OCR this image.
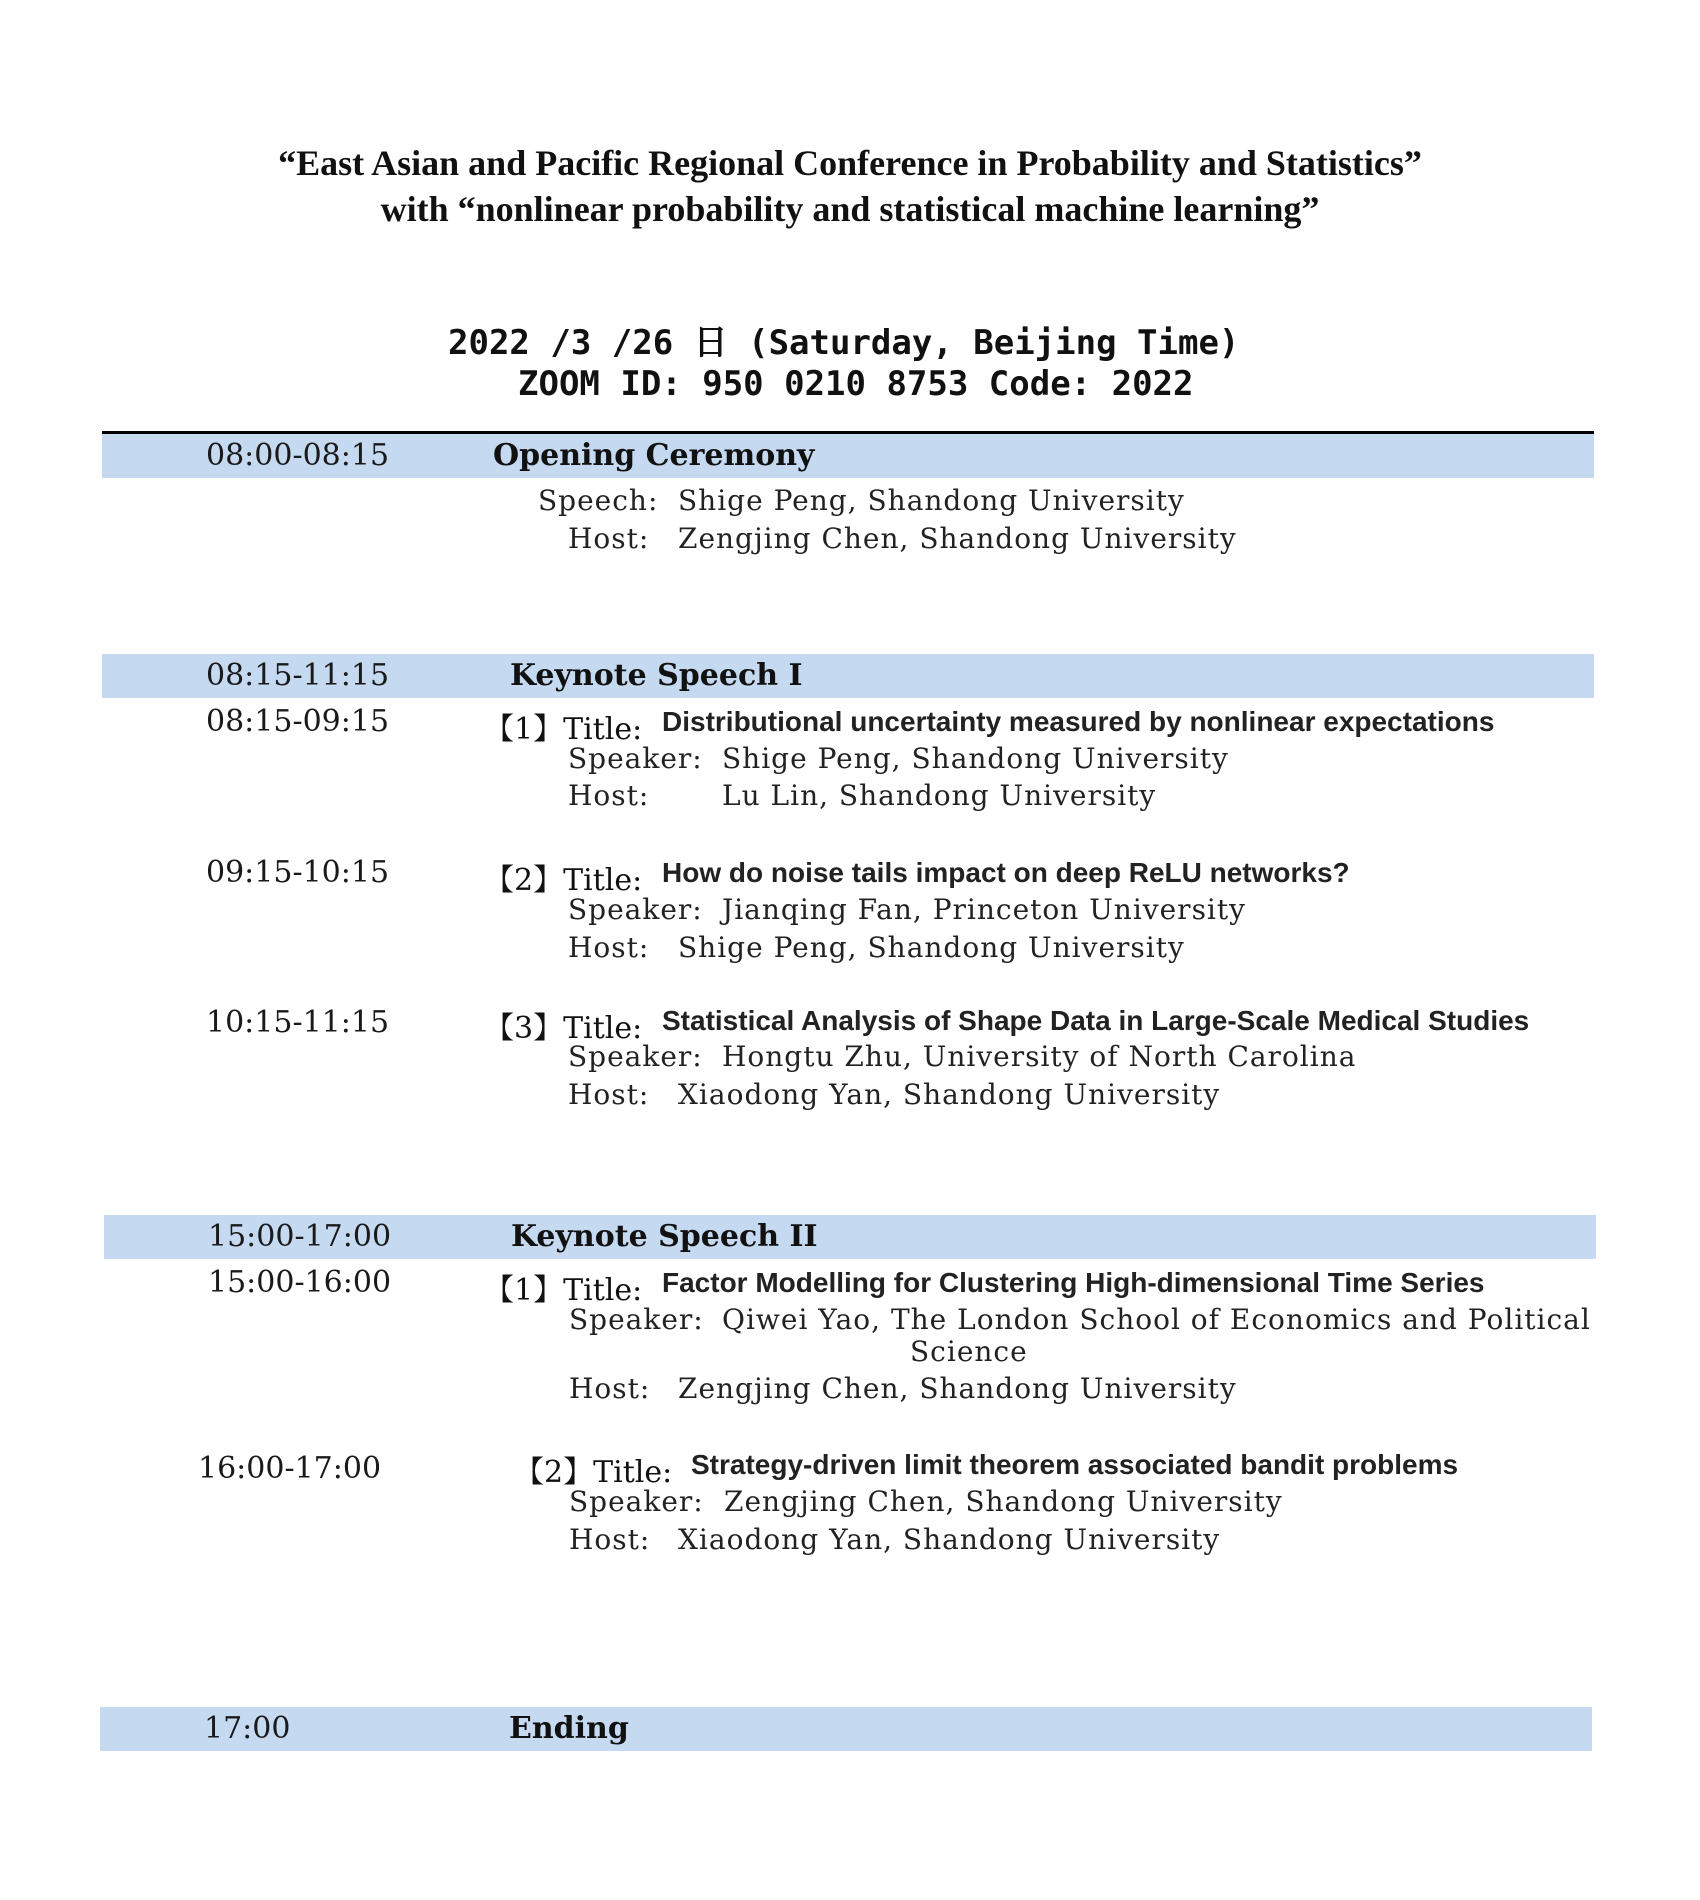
“East Asian and Pacific Regional Conference in Probability and Statistics”
with “nonlinear probability and statistical machine learning”
2022 /3 /26 日 (Saturday, Beijing Time)
ZOOM ID: 950 0210 8753 Code: 2022
08:00-08:15	Opening Ceremony
Speech: Shige Peng, Shandong University
Host: Zengjing Chen, Shandong University
08:15-11:15	Keynote Speech I
08:15-09:15	【1】Title: Distributional uncertainty measured by nonlinear expectations
Speaker: Shige Peng, Shandong University
Host:	Lu Lin, Shandong University
09:15-10:15	【2】Title: How do noise tails impact on deep ReLU networks?
Speaker: Jianqing Fan, Princeton University
Host: Shige Peng, Shandong University
10:15-11:15	【3】Title: Statistical Analysis of Shape Data in Large-Scale Medical Studies
Speaker: Hongtu Zhu, University of North Carolina
Host: Xiaodong Yan, Shandong University
15:00-17:00	Keynote Speech II
15:00-16:00	【1】Title: Factor Modelling for Clustering High-dimensional Time Series
Speaker: Qiwei Yao, The London School of Economics and Political
Science
Host: Zengjing Chen, Shandong University
16:00-17:00	【2】Title: Strategy-driven limit theorem associated bandit problems
Speaker: Zengjing Chen, Shandong University
Host: Xiaodong Yan, Shandong University
17:00	Ending
